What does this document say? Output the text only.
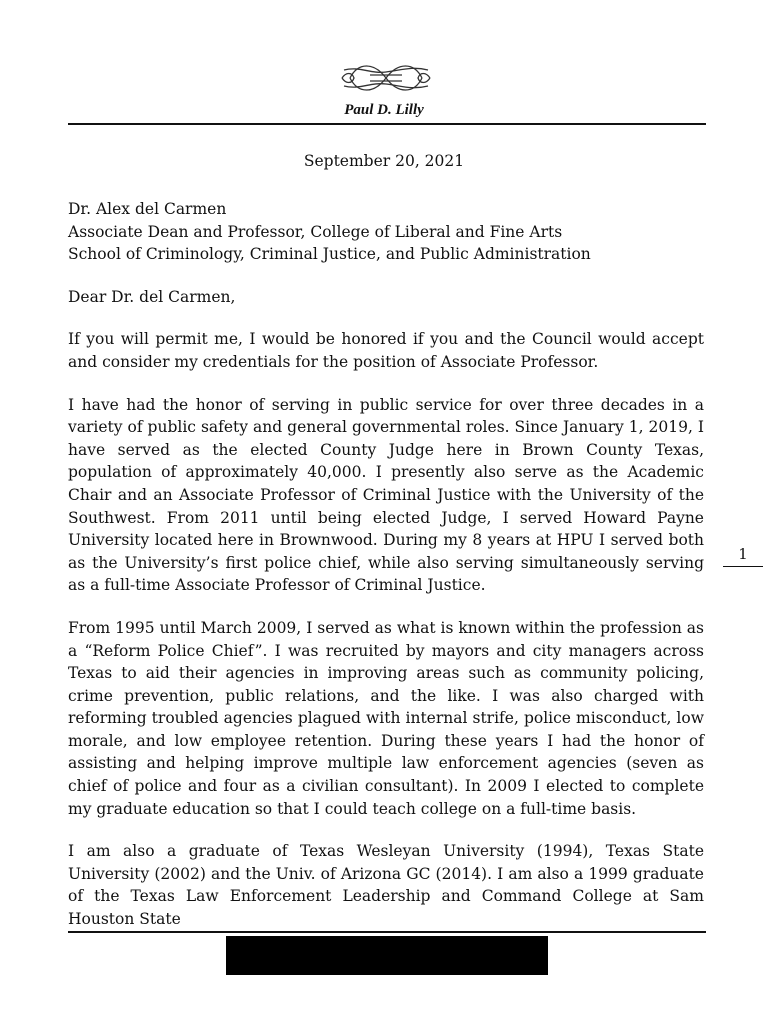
Paul D. Lilly
September 20, 2021

Dr. Alex del Carmen

Associate Dean and Professor, College of Liberal and Fine Arts

School of Criminology, Criminal Justice, and Public Administration

Dear Dr. del Carmen,

If you will permit me, I would be honored if you and the Council would accept and consider my credentials for the position of Associate Professor.

I have had the honor of serving in public service for over three decades in a variety of public safety and general governmental roles. Since January 1, 2019, I have served as the elected County Judge here in Brown County Texas, population of approximately 40,000. I presently also serve as the Academic Chair and an Associate Professor of Criminal Justice with the University of the Southwest. From 2011 until being elected Judge, I served Howard Payne University located here in Brownwood. During my 8 years at HPU I served both as the University’s first police chief, while also serving simultaneously serving as a full-time Associate Professor of Criminal Justice.

From 1995 until March 2009, I served as what is known within the profession as a “Reform Police Chief”. I was recruited by mayors and city managers across Texas to aid their agencies in improving areas such as community policing, crime prevention, public relations, and the like. I was also charged with reforming troubled agencies plagued with internal strife, police misconduct, low morale, and low employee retention. During these years I had the honor of assisting and helping improve multiple law enforcement agencies (seven as chief of police and four as a civilian consultant). In 2009 I elected to complete my graduate education so that I could teach college on a full-time basis.

I am also a graduate of Texas Wesleyan University (1994), Texas State University (2002) and the Univ. of Arizona GC (2014). I am also a 1999 graduate of the Texas Law Enforcement Leadership and Command College at Sam Houston State

1
